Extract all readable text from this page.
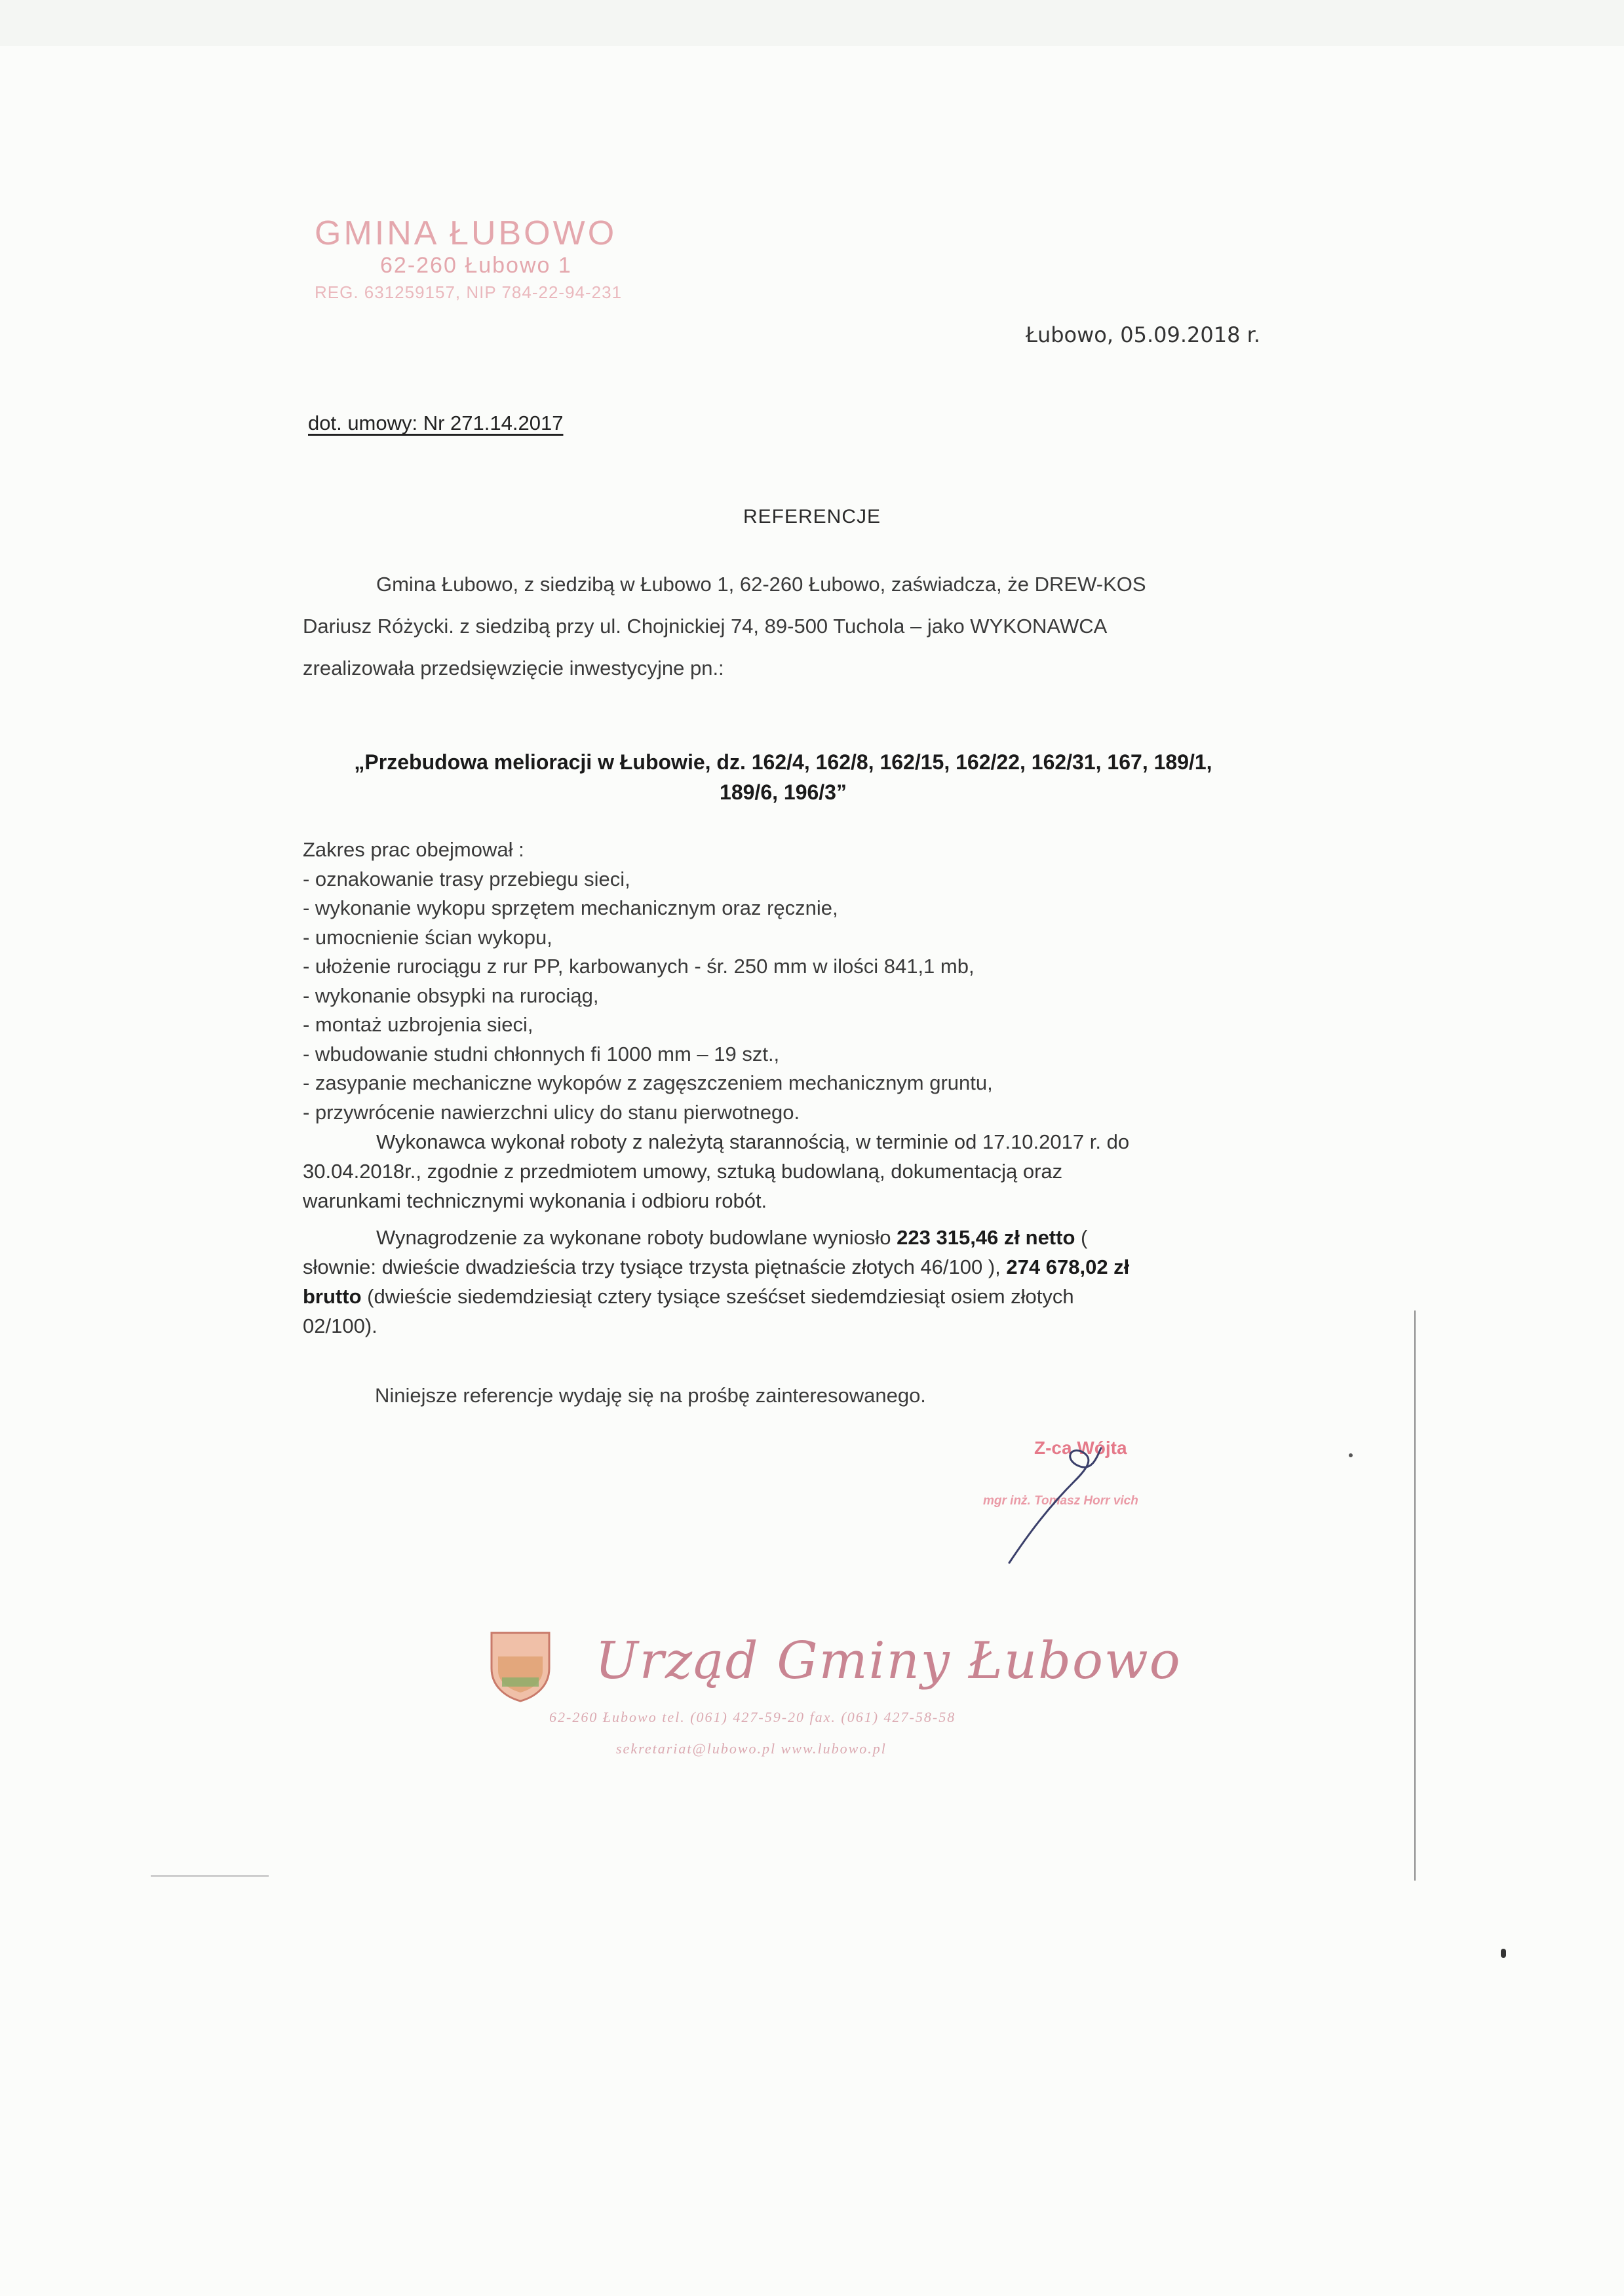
GMINA ŁUBOWO
62-260 Łubowo 1
REG. 631259157, NIP 784-22-94-231
Łubowo, 05.09.2018 r.
dot. umowy: Nr 271.14.2017
REFERENCJE
Gmina Łubowo, z siedzibą w Łubowo 1, 62-260 Łubowo, zaświadcza, że DREW-KOS
Dariusz Różycki. z siedzibą przy ul. Chojnickiej 74, 89-500 Tuchola – jako WYKONAWCA
zrealizowała przedsięwzięcie inwestycyjne pn.:
„Przebudowa melioracji w Łubowie, dz. 162/4, 162/8, 162/15, 162/22, 162/31, 167, 189/1,
189/6, 196/3”
Zakres prac obejmował :
- oznakowanie trasy przebiegu sieci,
- wykonanie wykopu sprzętem mechanicznym oraz ręcznie,
- umocnienie ścian wykopu,
- ułożenie rurociągu z rur PP, karbowanych - śr. 250 mm w ilości 841,1 mb,
- wykonanie obsypki na rurociąg,
- montaż uzbrojenia sieci,
- wbudowanie studni chłonnych fi 1000 mm – 19 szt.,
- zasypanie mechaniczne wykopów z zagęszczeniem mechanicznym gruntu,
- przywrócenie nawierzchni ulicy do stanu pierwotnego.
Wykonawca wykonał roboty z należytą starannością, w terminie od 17.10.2017 r. do
30.04.2018r., zgodnie z przedmiotem umowy, sztuką budowlaną, dokumentacją oraz
warunkami technicznymi wykonania i odbioru robót.
Wynagrodzenie za wykonane roboty budowlane wyniosło 223 315,46 zł netto (
słownie: dwieście dwadzieścia trzy tysiące trzysta piętnaście złotych 46/100 ), 274 678,02 zł
brutto (dwieście siedemdziesiąt cztery tysiące sześćset siedemdziesiąt osiem złotych
02/100).
Niniejsze referencje wydaję się na prośbę zainteresowanego.
Z-ca Wójta
mgr inż. Tomasz Horr vich
Urząd Gminy Łubowo
62-260 Łubowo tel. (061) 427-59-20 fax. (061) 427-58-58
sekretariat@lubowo.pl www.lubowo.pl
